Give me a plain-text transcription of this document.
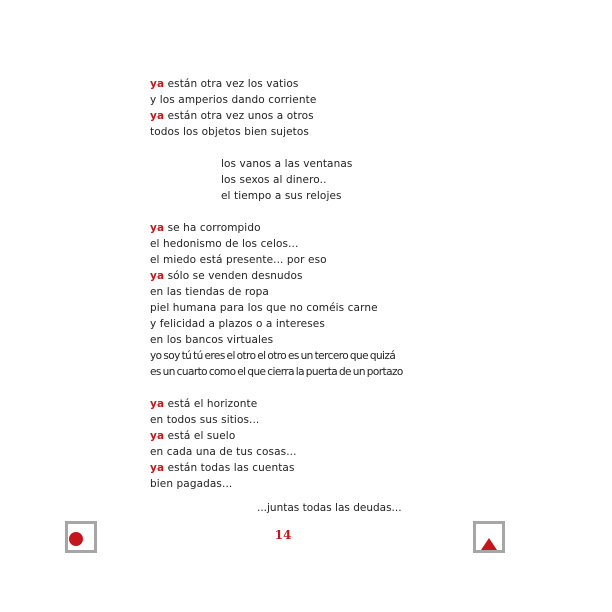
ya están otra vez los vatios
y los amperios dando corriente
ya están otra vez unos a otros
todos los objetos bien sujetos
los vanos a las ventanas
los sexos al dinero..
el tiempo a sus relojes
ya se ha corrompido
el hedonismo de los celos...
el miedo está presente... por eso
ya sólo se venden desnudos
en las tiendas de ropa
piel humana para los que no coméis carne
y felicidad a plazos o a intereses
en los bancos virtuales
yo soy tú tú eres el otro el otro es un tercero que quizá
es un cuarto como el que cierra la puerta de un portazo
ya está el horizonte
en todos sus sitios...
ya está el suelo
en cada una de tus cosas...
ya están todas las cuentas
bien pagadas...
...juntas todas las deudas...
14
